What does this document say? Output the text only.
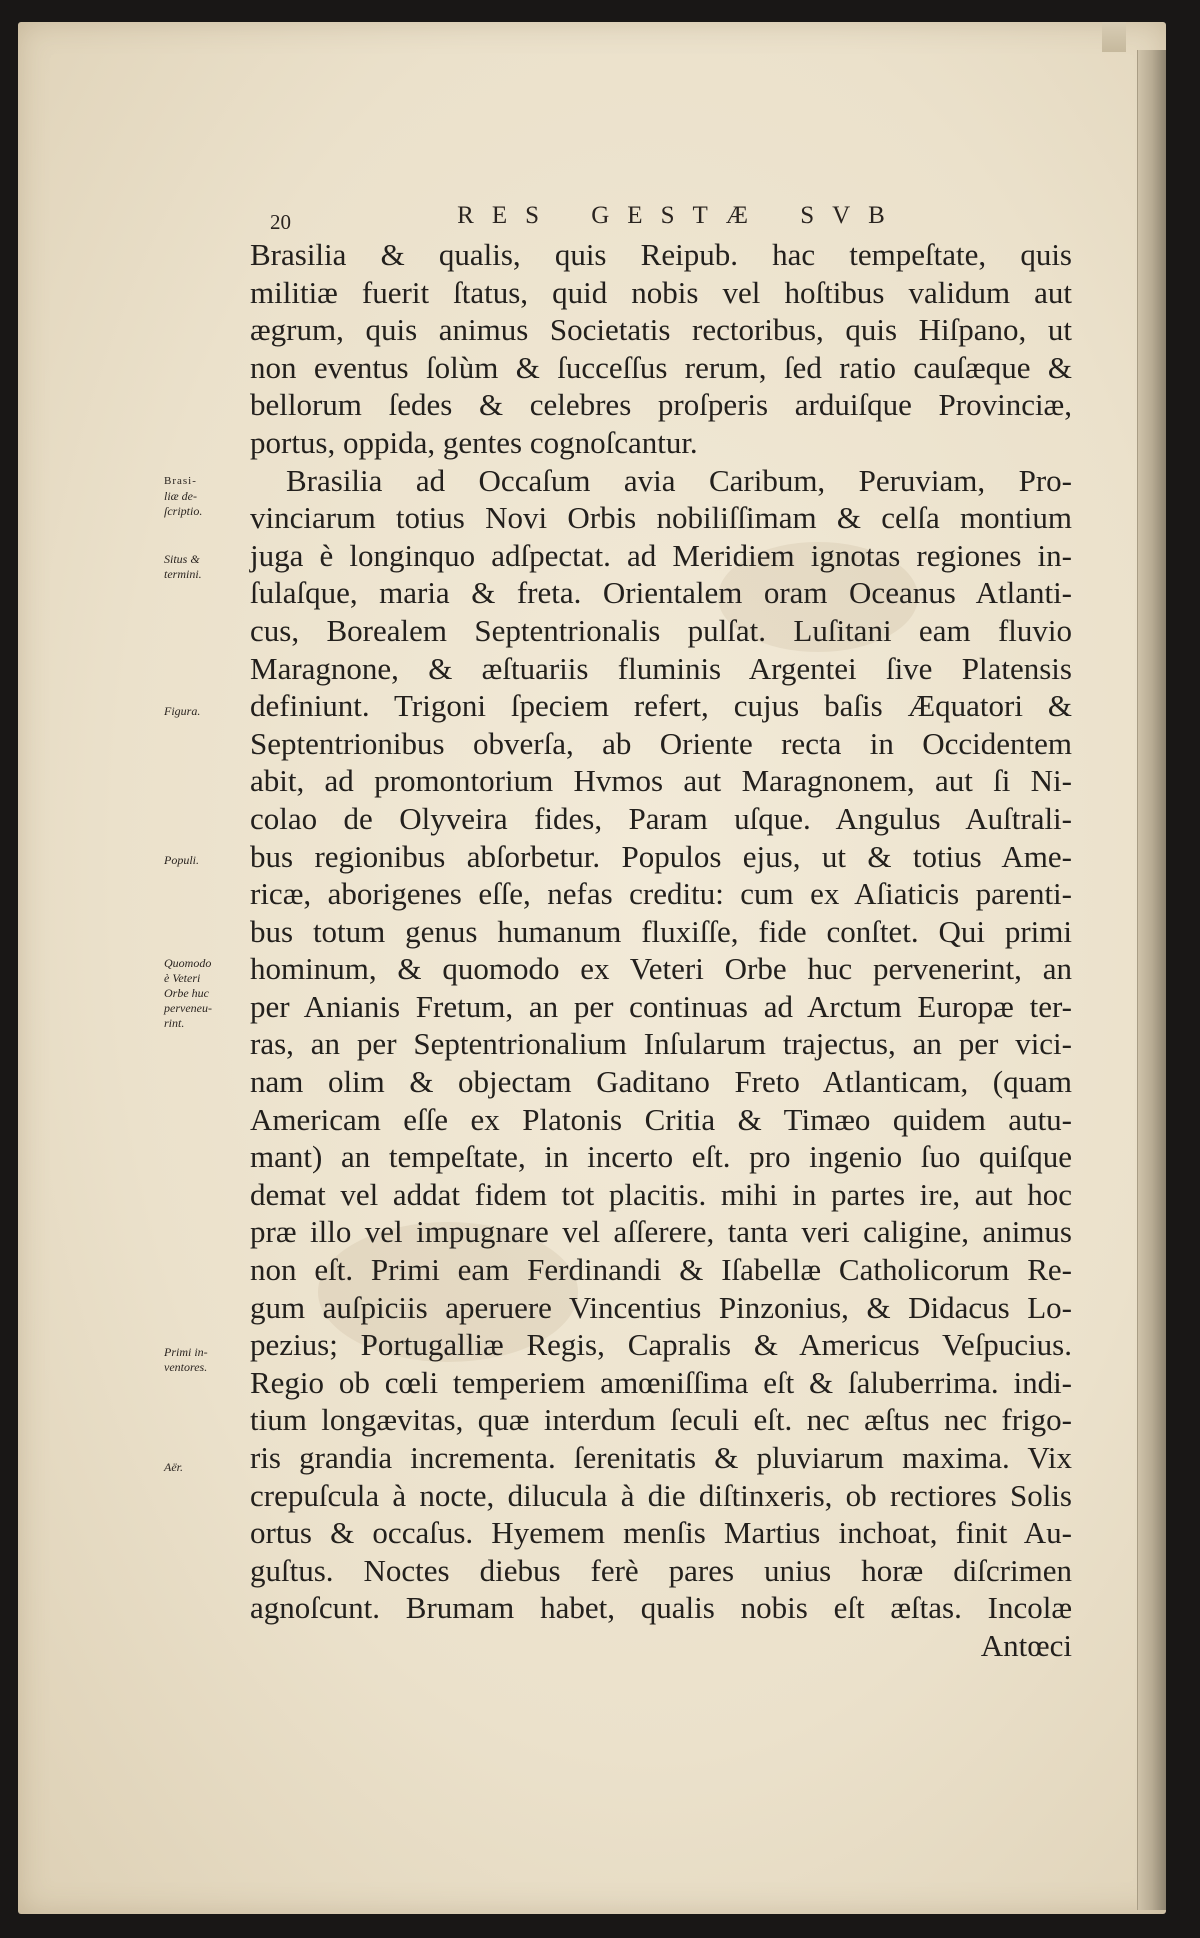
20	RES GESTÆ SVB
Brasilia & qualis, quis Reipub. hac tempeſtate, quis
militiæ fuerit ſtatus, quid nobis vel hoſtibus validum aut
ægrum, quis animus Societatis rectoribus, quis Hiſpano, ut
non eventus ſolùm & ſucceſſus rerum, ſed ratio cauſæque &
bellorum ſedes & celebres proſperis arduiſque Provinciæ,
portus, oppida, gentes cognoſcantur.
Brasilia ad Occaſum avia Caribum, Peruviam, Pro-
vinciarum totius Novi Orbis nobiliſſimam & celſa montium
juga è longinquo adſpectat. ad Meridiem ignotas regiones in-
ſulaſque, maria & freta. Orientalem oram Oceanus Atlanti-
cus, Borealem Septentrionalis pulſat. Luſitani eam fluvio
Maragnone, & æſtuariis fluminis Argentei ſive Platensis
definiunt. Trigoni ſpeciem refert, cujus baſis Æquatori &
Septentrionibus obverſa, ab Oriente recta in Occidentem
abit, ad promontorium Hvmos aut Maragnonem, aut ſi Ni-
colao de Olyveira fides, Param uſque. Angulus Auſtrali-
bus regionibus abſorbetur. Populos ejus, ut & totius Ame-
ricæ, aborigenes eſſe, nefas creditu: cum ex Aſiaticis parenti-
bus totum genus humanum fluxiſſe, fide conſtet. Qui primi
hominum, & quomodo ex Veteri Orbe huc pervenerint, an
per Anianis Fretum, an per continuas ad Arctum Europæ ter-
ras, an per Septentrionalium Inſularum trajectus, an per vici-
nam olim & objectam Gaditano Freto Atlanticam, (quam
Americam eſſe ex Platonis Critia & Timæo quidem autu-
mant) an tempeſtate, in incerto eſt. pro ingenio ſuo quiſque
demat vel addat fidem tot placitis. mihi in partes ire, aut hoc
præ illo vel impugnare vel aſſerere, tanta veri caligine, animus
non eſt. Primi eam Ferdinandi & Iſabellæ Catholicorum Re-
gum auſpiciis aperuere Vincentius Pinzonius, & Didacus Lo-
pezius; Portugalliæ Regis, Capralis & Americus Veſpucius.
Regio ob cœli temperiem amœniſſima eſt & ſaluberrima. indi-
tium longævitas, quæ interdum ſeculi eſt. nec æſtus nec frigo-
ris grandia incrementa. ſerenitatis & pluviarum maxima. Vix
crepuſcula à nocte, dilucula à die diſtinxeris, ob rectiores Solis
ortus & occaſus. Hyemem menſis Martius inchoat, finit Au-
guſtus. Noctes diebus ferè pares unius horæ diſcrimen
agnoſcunt. Brumam habet, qualis nobis eſt æſtas. Incolæ
Antœci
Brasi-
liæ de-
ſcriptio.
Situs &
termini.
Figura.
Populi.
Quomodo
è Veteri
Orbe huc
perveneu-
rint.
Primi in-
ventores.
Aër.
